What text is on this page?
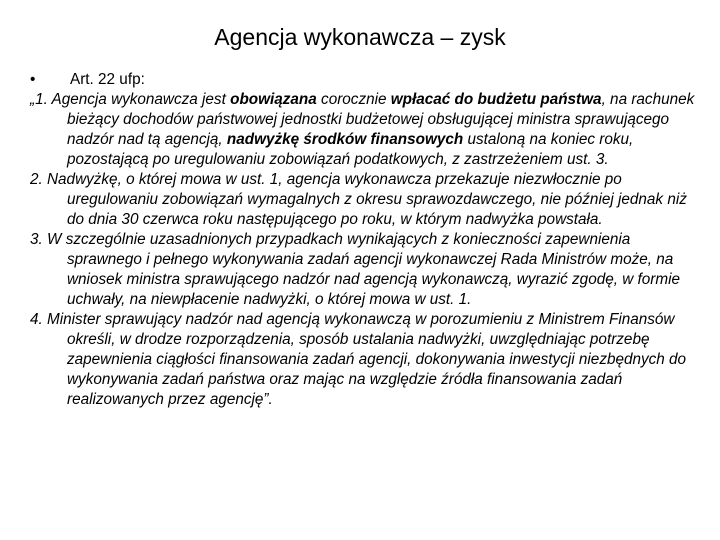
Agencja wykonawcza – zysk
•	Art. 22 ufp:

„1. Agencja wykonawcza jest obowiązana corocznie wpłacać do budżetu państwa, na rachunek bieżący dochodów państwowej jednostki budżetowej obsługującej ministra sprawującego nadzór nad tą agencją, nadwyżkę środków finansowych ustaloną na koniec roku, pozostającą po uregulowaniu zobowiązań podatkowych, z zastrzeżeniem ust. 3.

2. Nadwyżkę, o której mowa w ust. 1, agencja wykonawcza przekazuje niezwłocznie po uregulowaniu zobowiązań wymagalnych z okresu sprawozdawczego, nie później jednak niż do dnia 30 czerwca roku następującego po roku, w którym nadwyżka powstała.

3. W szczególnie uzasadnionych przypadkach wynikających z konieczności zapewnienia sprawnego i pełnego wykonywania zadań agencji wykonawczej Rada Ministrów może, na wniosek ministra sprawującego nadzór nad agencją wykonawczą, wyrazić zgodę, w formie uchwały, na niewpłacenie nadwyżki, o której mowa w ust. 1.

4. Minister sprawujący nadzór nad agencją wykonawczą w porozumieniu z Ministrem Finansów określi, w drodze rozporządzenia, sposób ustalania nadwyżki, uwzględniając potrzebę zapewnienia ciągłości finansowania zadań agencji, dokonywania inwestycji niezbędnych do wykonywania zadań państwa oraz mając na względzie źródła finansowania zadań realizowanych przez agencję”.
